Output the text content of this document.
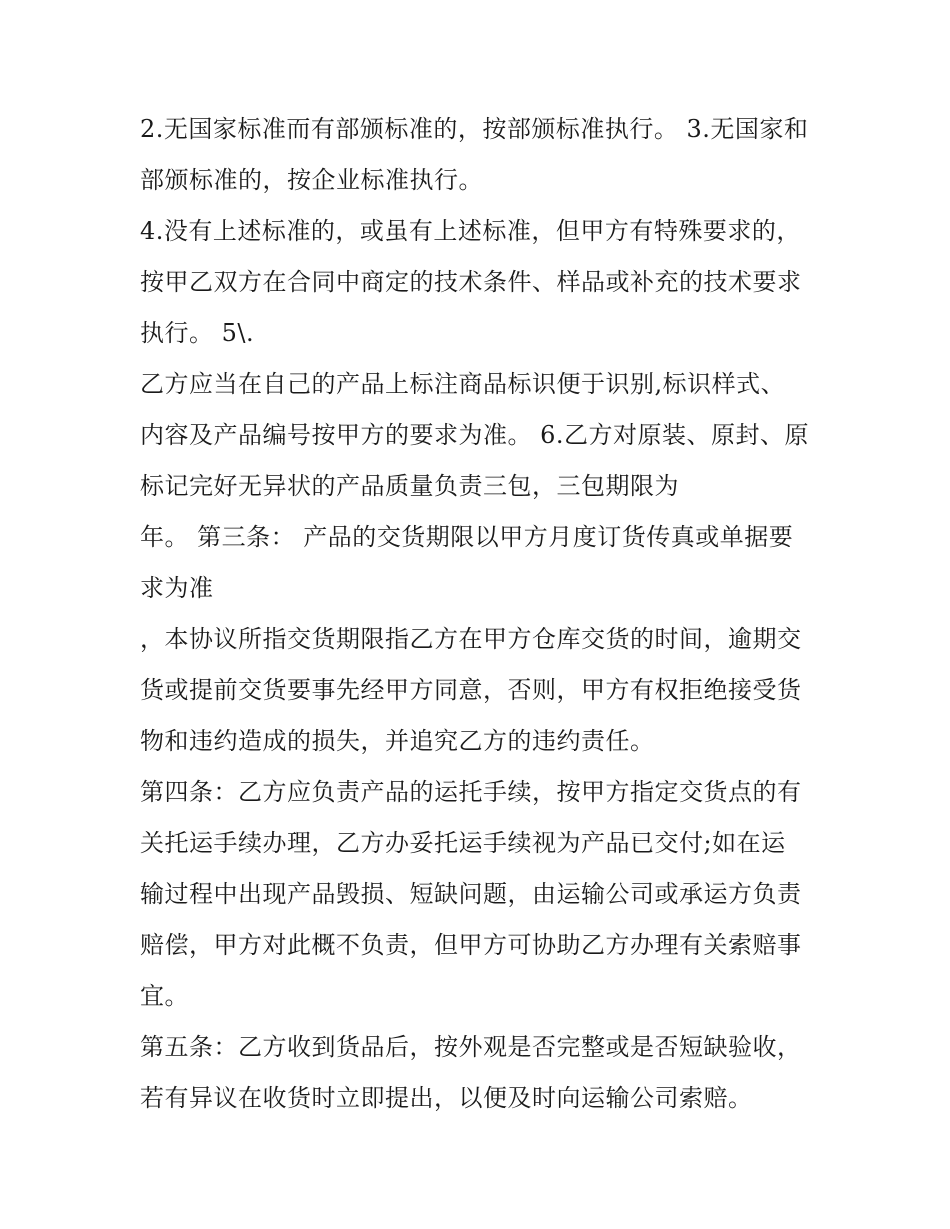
2.无国家标准而有部颁标准的，按部颁标准执行。 3.无国家和
部颁标准的，按企业标准执行。
4.没有上述标准的，或虽有上述标准，但甲方有特殊要求的，
按甲乙双方在合同中商定的技术条件、样品或补充的技术要求
执行。 5\.
乙方应当在自己的产品上标注商品标识便于识别,标识样式、
内容及产品编号按甲方的要求为准。 6.乙方对原装、原封、原
标记完好无异状的产品质量负责三包，三包期限为
年。 第三条： 产品的交货期限以甲方月度订货传真或单据要
求为准
，本协议所指交货期限指乙方在甲方仓库交货的时间，逾期交
货或提前交货要事先经甲方同意，否则，甲方有权拒绝接受货
物和违约造成的损失，并追究乙方的违约责任。
第四条：乙方应负责产品的运托手续，按甲方指定交货点的有
关托运手续办理，乙方办妥托运手续视为产品已交付;如在运
输过程中出现产品毁损、短缺问题，由运输公司或承运方负责
赔偿，甲方对此概不负责，但甲方可协助乙方办理有关索赔事
宜。
第五条：乙方收到货品后，按外观是否完整或是否短缺验收，
若有异议在收货时立即提出，以便及时向运输公司索赔。
